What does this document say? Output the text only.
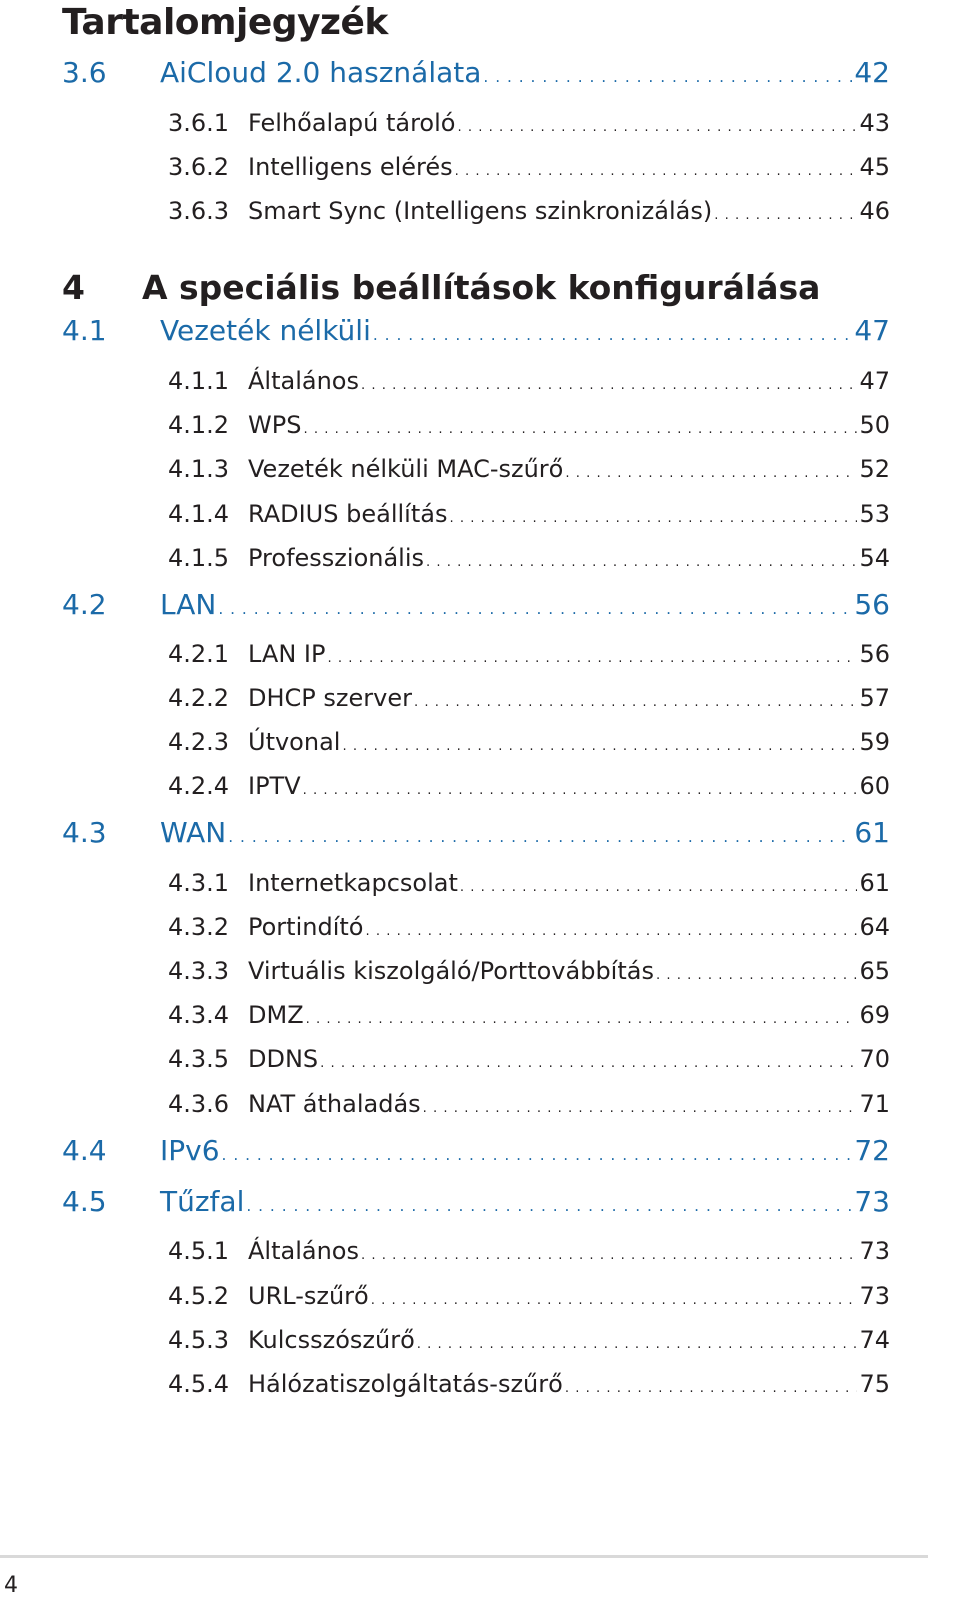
Tartalomjegyzék
3.6	AiCloud 2.0 használata . . .	42
3.6.1 Felhőalapú tároló . . .	43
3.6.2 Intelligens elérés . . .	45
3.6.3 Smart Sync (Intelligens szinkronizálás) . . .	46
4	A speciális beállítások konfigurálása
4.1	Vezeték nélküli . . .	47
4.1.1 Általános . . .	47
4.1.2 WPS . . .	50
4.1.3 Vezeték nélküli MAC-szűrő . . .	52
4.1.4 RADIUS beállítás . . .	53
4.1.5 Professzionális . . .	54
4.2	LAN . . .	56
4.2.1 LAN IP . . .	56
4.2.2 DHCP szerver . . .	57
4.2.3 Útvonal . . .	59
4.2.4 IPTV . . .	60
4.3	WAN . . .	61
4.3.1 Internetkapcsolat . . .	61
4.3.2 Portindító . . .	64
4.3.3 Virtuális kiszolgáló/Porttovábbítás . . .	65
4.3.4 DMZ . . .	69
4.3.5 DDNS . . .	70
4.3.6 NAT áthaladás . . .	71
4.4	IPv6 . . .	72
4.5	Tűzfal . . .	73
4.5.1 Általános . . .	73
4.5.2 URL-szűrő . . .	73
4.5.3 Kulcsszószűrő . . .	74
4.5.4 Hálózatiszolgáltatás-szűrő . . .	75
4
